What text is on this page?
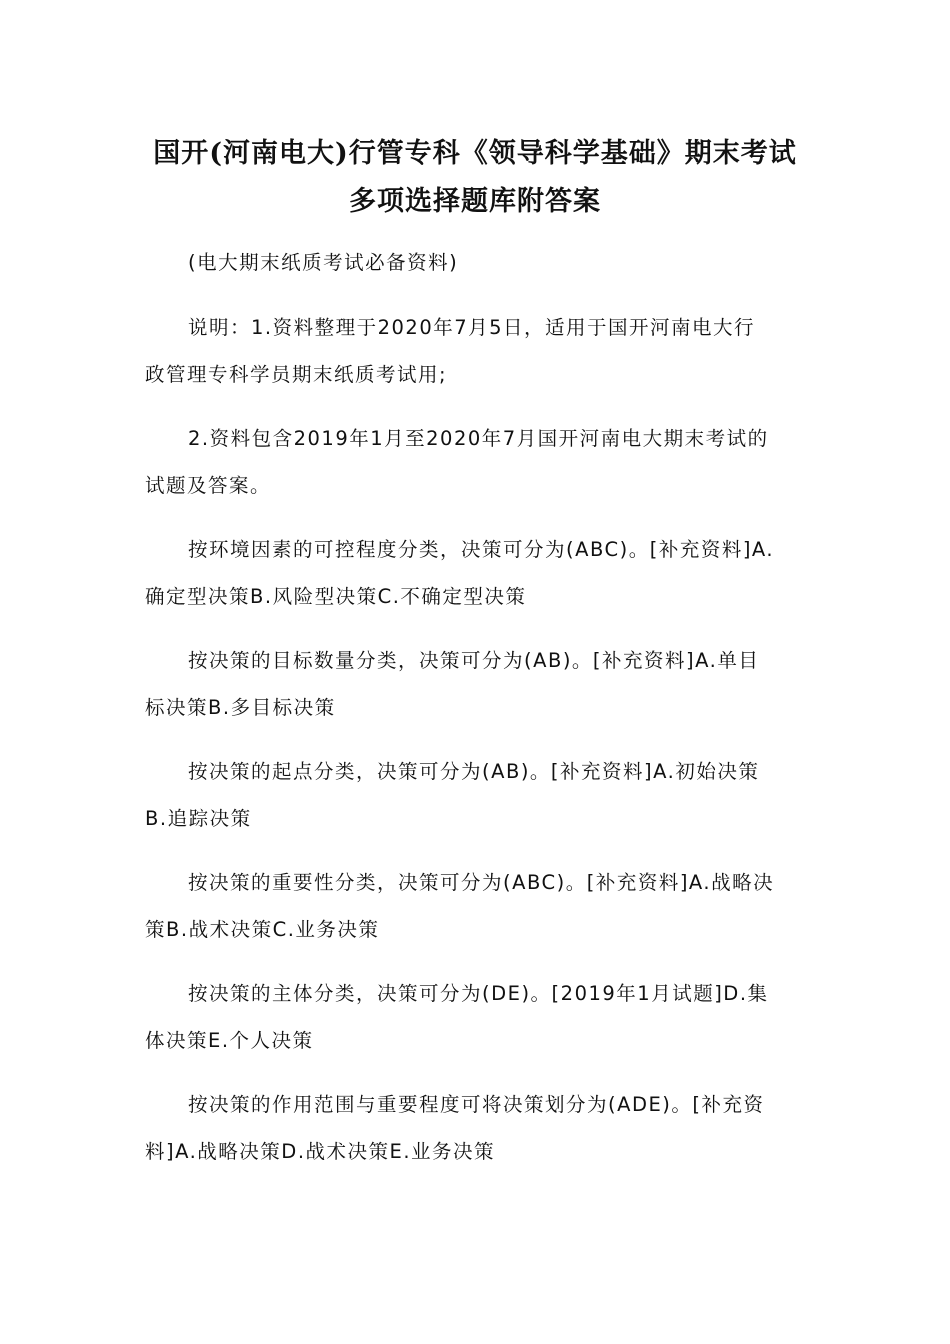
国开(河南电大)行管专科《领导科学基础》期末考试
多项选择题库附答案
(电大期末纸质考试必备资料)
说明：1.资料整理于2020年7月5日，适用于国开河南电大行
政管理专科学员期末纸质考试用;
2.资料包含2019年1月至2020年7月国开河南电大期末考试的
试题及答案。
按环境因素的可控程度分类，决策可分为(ABC)。[补充资料]A.
确定型决策B.风险型决策C.不确定型决策
按决策的目标数量分类，决策可分为(AB)。[补充资料]A.单目
标决策B.多目标决策
按决策的起点分类，决策可分为(AB)。[补充资料]A.初始决策
B.追踪决策
按决策的重要性分类，决策可分为(ABC)。[补充资料]A.战略决
策B.战术决策C.业务决策
按决策的主体分类，决策可分为(DE)。[2019年1月试题]D.集
体决策E.个人决策
按决策的作用范围与重要程度可将决策划分为(ADE)。[补充资
料]A.战略决策D.战术决策E.业务决策
